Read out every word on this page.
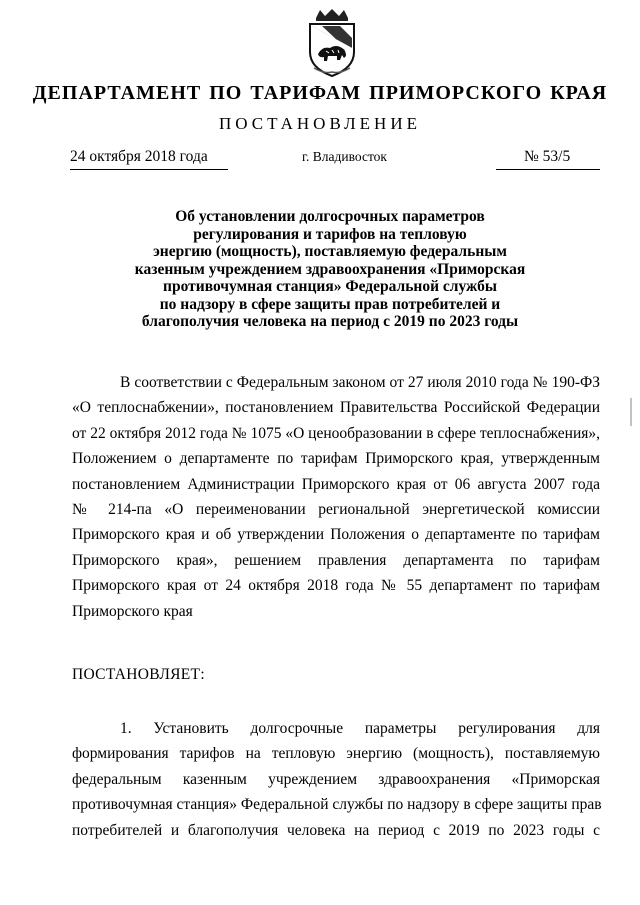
ДЕПАРТАМЕНТ ПО ТАРИФАМ ПРИМОРСКОГО КРАЯ
ПОСТАНОВЛЕНИЕ
24 октября 2018 года	г. Владивосток	№ 53/5
Об установлении долгосрочных параметров
регулирования и тарифов на тепловую
энергию (мощность), поставляемую федеральным
казенным учреждением здравоохранения «Приморская
противочумная станция» Федеральной службы
по надзору в сфере защиты прав потребителей и
благополучия человека на период с 2019 по 2023 годы
В соответствии с Федеральным законом от 27 июля 2010 года № 190-ФЗ
«О теплоснабжении», постановлением Правительства Российской Федерации
от 22 октября 2012 года № 1075 «О ценообразовании в сфере теплоснабжения»,
Положением о департаменте по тарифам Приморского края, утвержденным
постановлением Администрации Приморского края от 06 августа 2007 года
№ 214-па «О переименовании региональной энергетической комиссии
Приморского края и об утверждении Положения о департаменте по тарифам
Приморского края», решением правления департамента по тарифам
Приморского края от 24 октября 2018 года № 55 департамент по тарифам
Приморского края
ПОСТАНОВЛЯЕТ:
1. Установить долгосрочные параметры регулирования для
формирования тарифов на тепловую энергию (мощность), поставляемую
федеральным казенным учреждением здравоохранения «Приморская
противочумная станция» Федеральной службы по надзору в сфере защиты прав
потребителей и благополучия человека на период с 2019 по 2023 годы с
